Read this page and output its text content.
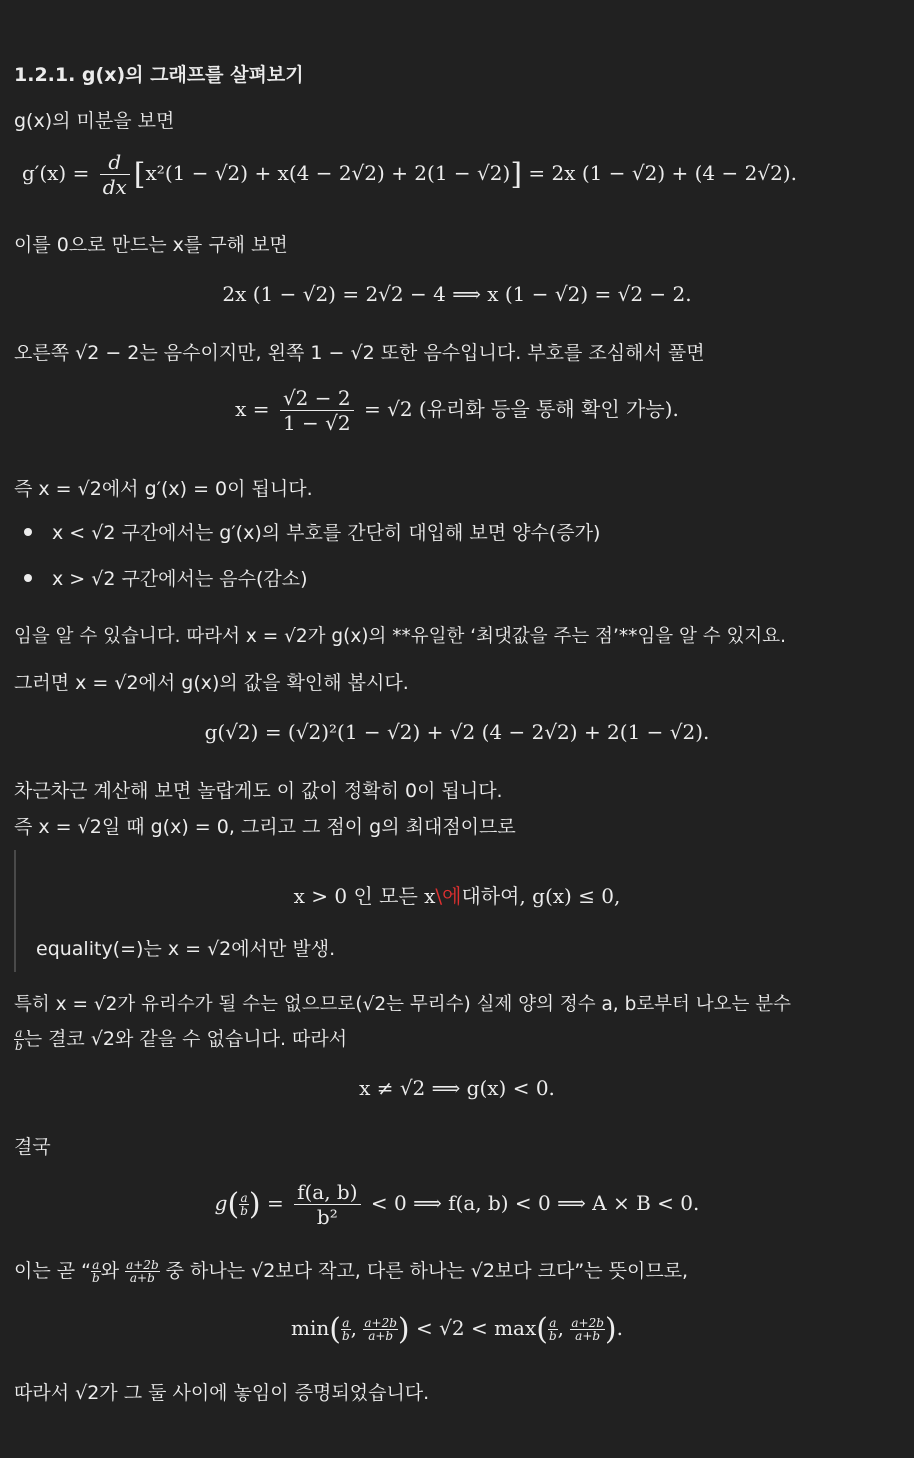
1.2.1. g(x)의 그래프를 살펴보기
g(x)의 미분을 보면
$g'(x) = \frac{d}{dx} [x^2(1 - √2) + x(4 - 2√2) + 2(1 - √2)] = 2x$ (1 − √2) + (4 − 2√2).
이를 0으로 만드는 x를 구해 보면
2x (1 − √2) = 2√2 − 4 ⟹ x (1 − √2) = √2 − 2.
오른쪽 √2 − 2는 음수이지만, 왼쪽 1 − √2 또한 음수입니다. 부호를 조심해서 풀면
$x = \frac{√2 - 2}{1 - √2} = √2$ (유리화 등을 통해 확인 가능).
즉 x = √2에서 g′(x) = 0이 됩니다.
x < √2 구간에서는 g′(x)의 부호를 간단히 대입해 보면 양수(증가)
x > √2 구간에서는 음수(감소)
임을 알 수 있습니다. 따라서 x = √2가 g(x)의 **유일한 ‘최댓값을 주는 점’**임을 알 수 있지요.
그러면 x = √2에서 g(x)의 값을 확인해 봅시다.
g(√2) = (√2)²(1 − √2) + √2 (4 − 2√2) + 2(1 − √2).
차근차근 계산해 보면 놀랍게도 이 값이 정확히 0이 됩니다.
즉 x = √2일 때 g(x) = 0, 그리고 그 점이 g의 최대점이므로
x > 0 인 모든 x\에대하여, g(x) ≤ 0,
equality(=)는 x = √2에서만 발생.
특히 x = √2가 유리수가 될 수는 없으므로(√2는 무리수) 실제 양의 정수 a, b로부터 나오는 분수
$\frac{a}{b}$ 는 결코 √2와 같을 수 없습니다. 따라서
x ≠ √2 ⟹ g(x) < 0.
결국
$g( \frac{a}{b}$ ) = $\frac{f(a, b)}{\text{b²}} < 0$ ⟹ f(a, b) < 0 ⟹ A × B < 0.
이는 곧 “ $\frac{a}{b}$ 와 $\frac{a+2b}{a+b}$ 중 하나는 √2보다 작고, 다른 하나는 √2보다 크다”는 뜻이므로,
$\min( \frac{a}{b}$ , $\frac{a+2b}{a+b}$ ) < $√2 < \max( \frac{a}{b}$ , $\frac{a+2b}{a+b}$ ).
따라서 √2가 그 둘 사이에 놓임이 증명되었습니다.
